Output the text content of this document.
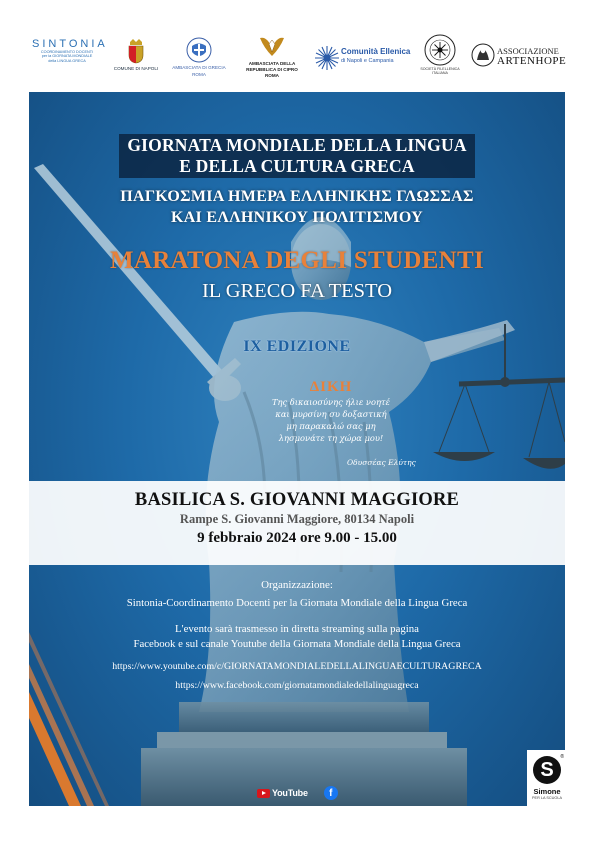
SINTONIA
COORDINAMENTO DOCENTI
per la GIORNATA MONDIALE
della LINGUA GRECA
COMUNE DI NAPOLI	AMBASCIATA DI GRECIA
ROMA
AMBASCIATA DELLA
REPUBBLICA DI CIPRO
ROMA
Comunità Ellenica
di Napoli e Campania
SOCIETÀ FILELLENICA
ITALIANA
ASSOCIAZIONE
ARTENHOPE
GIORNATA MONDIALE DELLA LINGUA
E DELLA CULTURA GRECA
ΠΑΓΚΟΣΜΙΑ ΗΜΕΡΑ ΕΛΛΗΝΙΚΗΣ ΓΛΩΣΣΑΣ
ΚΑΙ ΕΛΛΗΝΙΚΟΥ ΠΟΛΙΤΙΣΜΟΥ
MARATONA DEGLI STUDENTI
IL GRECO FA TESTO
IX EDIZIONE
ΔΙΚΗ
Της δικαιοσύνης ήλιε νοητέ
και μυρσίνη συ δοξαστική
μη παρακαλώ σας μη
λησμονάτε τη χώρα μου!
Οδυσσέας Ελύτης
BASILICA S. GIOVANNI MAGGIORE
Rampe S. Giovanni Maggiore, 80134 Napoli
9 febbraio 2024 ore 9.00 - 15.00
Organizzazione:
Sintonia-Coordinamento Docenti per la Giornata Mondiale della Lingua Greca
L'evento sarà trasmesso in diretta streaming sulla pagina
Facebook e sul canale Youtube della Giornata Mondiale della Lingua Greca
https://www.youtube.com/c/GIORNATAMONDIALEDELLALINGUAECULTURAGRECA
https://www.facebook.com/giornatamondialedellalinguagreca
YouTube	f
®
S
Simone
PER LA SCUOLA
